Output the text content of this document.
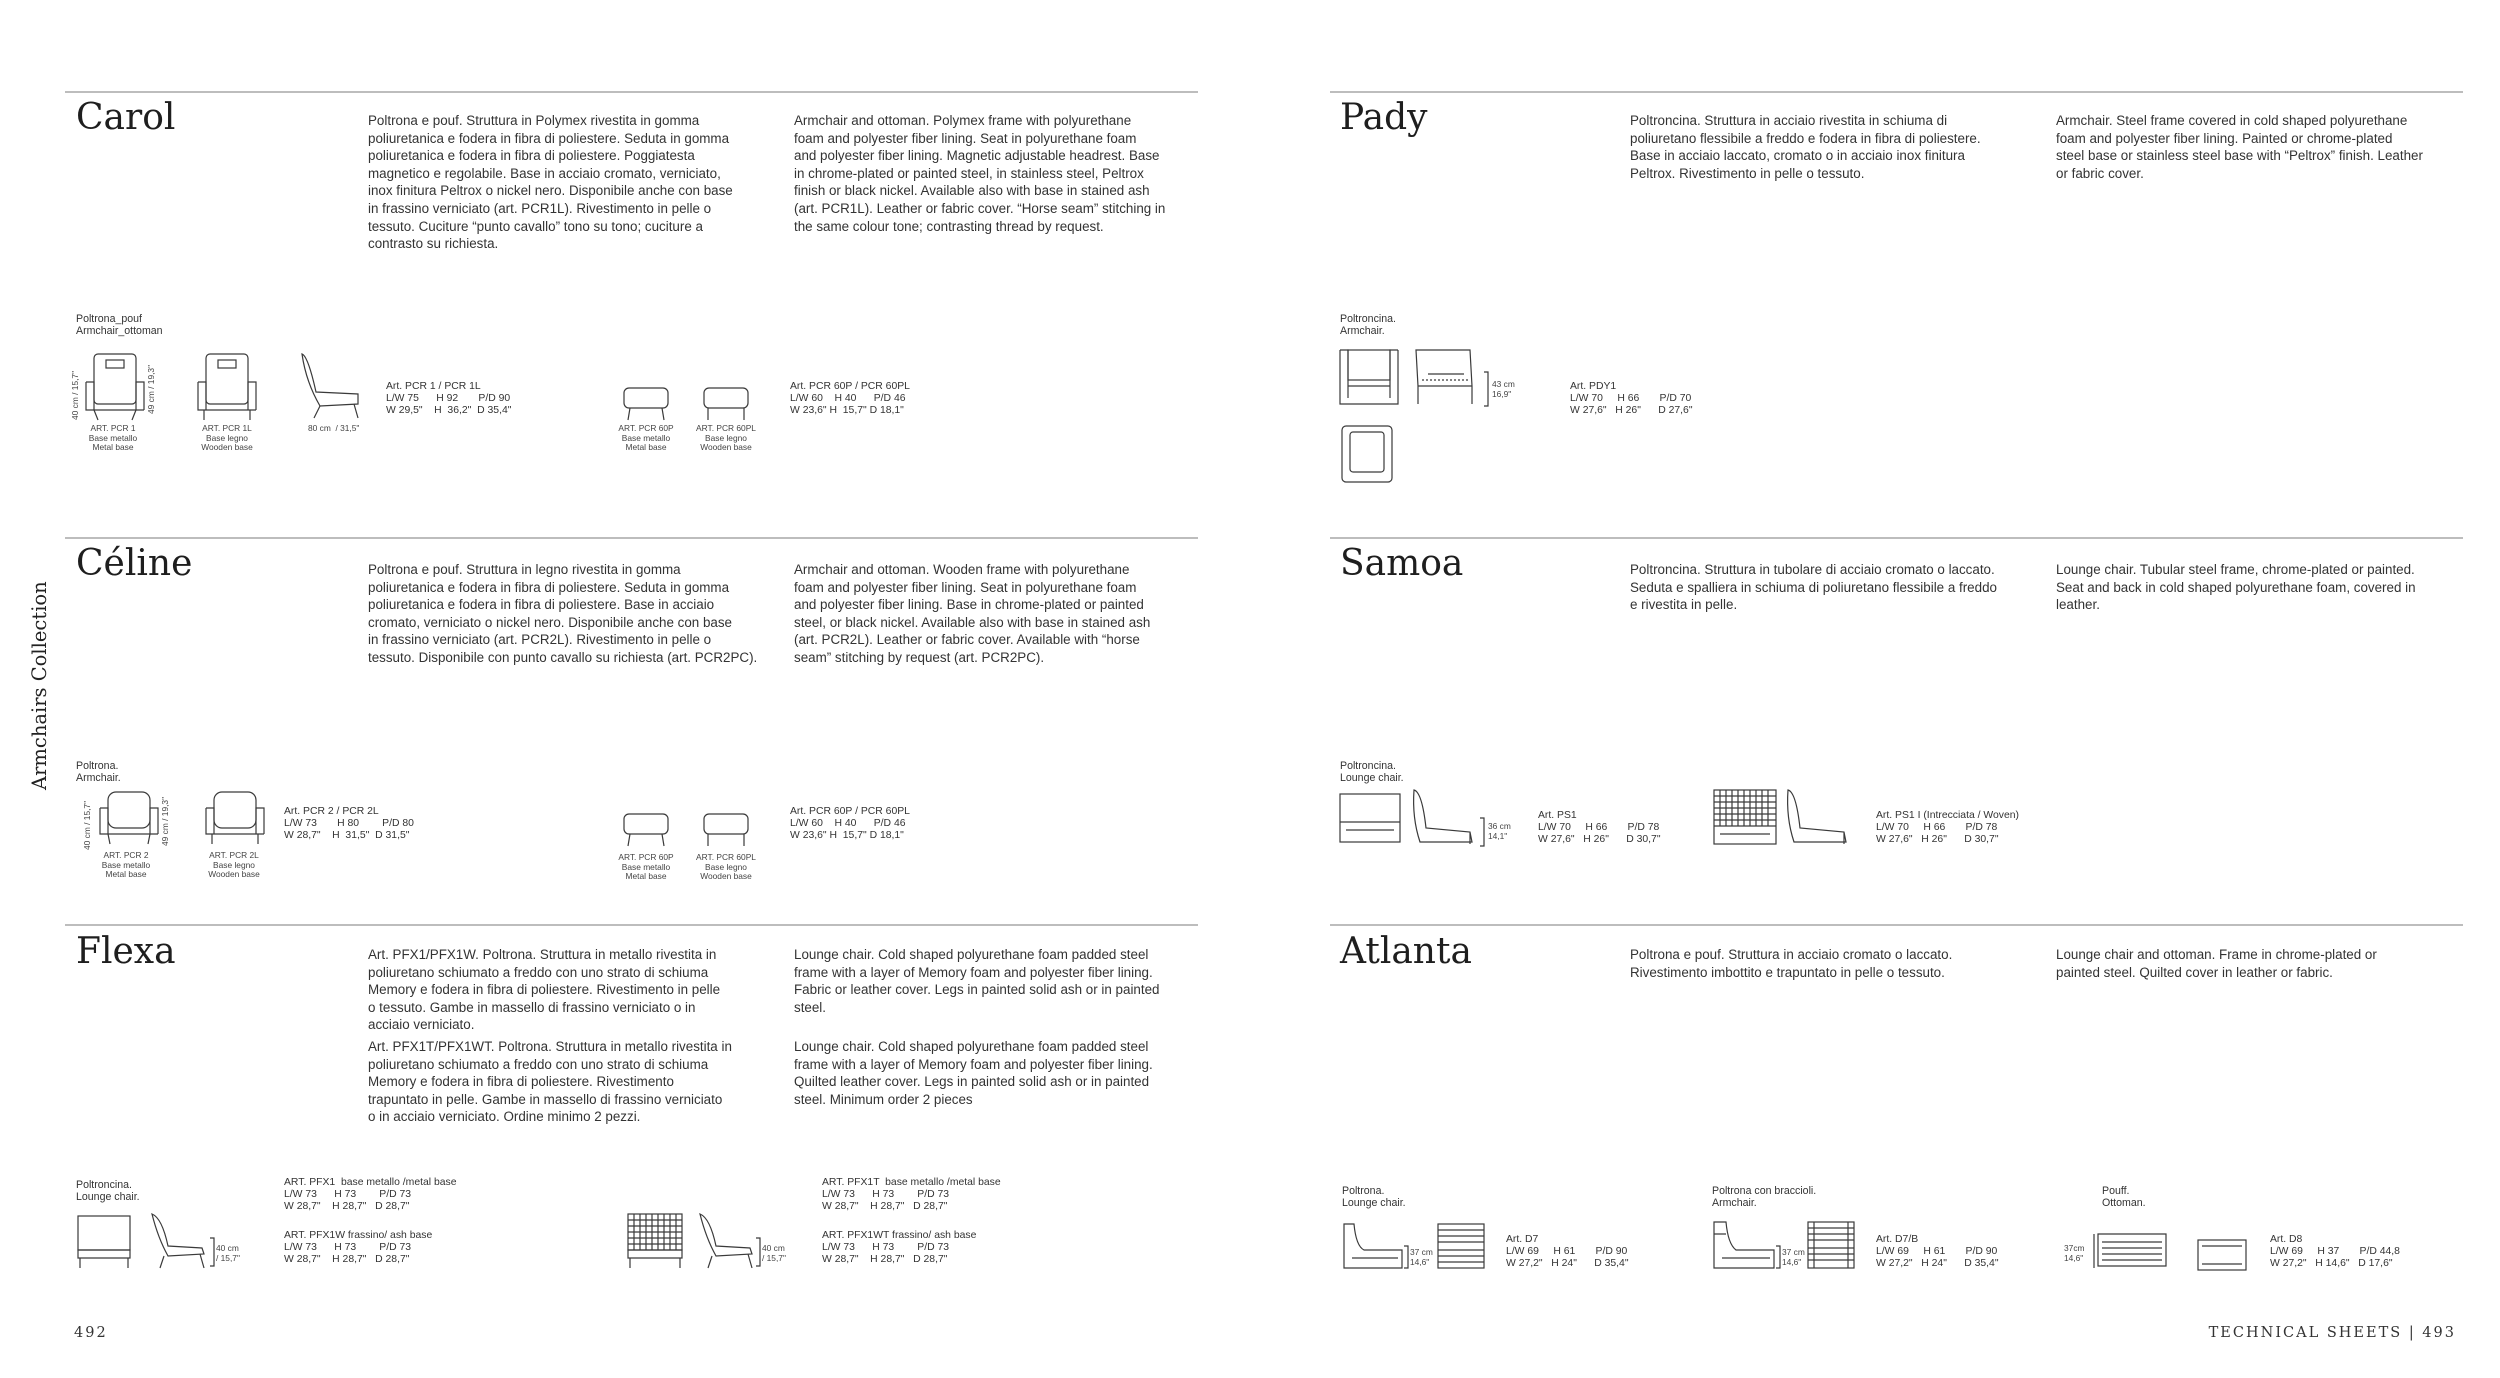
Armchairs Collection
Carol	Poltrona e pouf. Struttura in Polymex rivestita in gomma
poliuretanica e fodera in fibra di poliestere. Seduta in gomma
poliuretanica e fodera in fibra di poliestere. Poggiatesta
magnetico e regolabile. Base in acciaio cromato, verniciato,
inox finitura Peltrox o nickel nero. Disponibile anche con base
in frassino verniciato (art. PCR1L). Rivestimento in pelle o
tessuto. Cuciture “punto cavallo” tono su tono; cuciture a
contrasto su richiesta.
Armchair and ottoman. Polymex frame with polyurethane
foam and polyester fiber lining. Seat in polyurethane foam
and polyester fiber lining. Magnetic adjustable headrest. Base
in chrome-plated or painted steel, in stainless steel, Peltrox
finish or black nickel. Available also with base in stained ash
(art. PCR1L). Leather or fabric cover. “Horse seam” stitching in
the same colour tone; contrasting thread by request.
Poltrona_pouf
Armchair_ottoman
40 cm / 15,7"	49 cm / 19,3"
ART. PCR 1
Base metallo
Metal base
ART. PCR 1L
Base legno
Wooden base
80 cm  / 31,5"
Art. PCR 1 / PCR 1L
L/W 75      H 92       P/D 90
W 29,5"    H  36,2"  D 35,4"
ART. PCR 60P
Base metallo
Metal base
ART. PCR 60PL
Base legno
Wooden base
Art. PCR 60P / PCR 60PL
L/W 60    H 40      P/D 46
W 23,6" H  15,7" D 18,1"
Céline	Poltrona e pouf. Struttura in legno rivestita in gomma
poliuretanica e fodera in fibra di poliestere. Seduta in gomma
poliuretanica e fodera in fibra di poliestere. Base in acciaio
cromato, verniciato o nickel nero. Disponibile anche con base
in frassino verniciato (art. PCR2L). Rivestimento in pelle o
tessuto. Disponibile con punto cavallo su richiesta (art. PCR2PC).
Armchair and ottoman. Wooden frame with polyurethane
foam and polyester fiber lining. Seat in polyurethane foam
and polyester fiber lining. Base in chrome-plated or painted
steel, or black nickel. Available also with base in stained ash
(art. PCR2L). Leather or fabric cover. Available with “horse
seam” stitching by request (art. PCR2PC).
Poltrona.
Armchair.
40 cm / 15,7"	49 cm / 19,3"
ART. PCR 2
Base metallo
Metal base
ART. PCR 2L
Base legno
Wooden base
Art. PCR 2 / PCR 2L
L/W 73       H 80        P/D 80
W 28,7"    H  31,5"  D 31,5"
ART. PCR 60P
Base metallo
Metal base
ART. PCR 60PL
Base legno
Wooden base
Art. PCR 60P / PCR 60PL
L/W 60    H 40      P/D 46
W 23,6" H  15,7" D 18,1"
Flexa	Art. PFX1/PFX1W. Poltrona. Struttura in metallo rivestita in
poliuretano schiumato a freddo con uno strato di schiuma
Memory e fodera in fibra di poliestere. Rivestimento in pelle
o tessuto. Gambe in massello di frassino verniciato o in
acciaio verniciato.
Art. PFX1T/PFX1WT. Poltrona. Struttura in metallo rivestita in
poliuretano schiumato a freddo con uno strato di schiuma
Memory e fodera in fibra di poliestere. Rivestimento
trapuntato in pelle. Gambe in massello di frassino verniciato
o in acciaio verniciato. Ordine minimo 2 pezzi.
Lounge chair. Cold shaped polyurethane foam padded steel
frame with a layer of Memory foam and polyester fiber lining.
Fabric or leather cover. Legs in painted solid ash or in painted
steel.
Lounge chair. Cold shaped polyurethane foam padded steel
frame with a layer of Memory foam and polyester fiber lining.
Quilted leather cover. Legs in painted solid ash or in painted
steel. Minimum order 2 pieces
Poltroncina.
Lounge chair.
40 cm
/ 15,7"
ART. PFX1  base metallo /metal base
L/W 73      H 73        P/D 73
W 28,7"    H 28,7"   D 28,7"
ART. PFX1W frassino/ ash base
L/W 73      H 73        P/D 73
W 28,7"    H 28,7"   D 28,7"
40 cm
/ 15,7"
ART. PFX1T  base metallo /metal base
L/W 73      H 73        P/D 73
W 28,7"    H 28,7"   D 28,7"
ART. PFX1WT frassino/ ash base
L/W 73      H 73        P/D 73
W 28,7"    H 28,7"   D 28,7"
Pady	Poltroncina. Struttura in acciaio rivestita in schiuma di
poliuretano flessibile a freddo e fodera in fibra di poliestere.
Base in acciaio laccato, cromato o in acciaio inox finitura
Peltrox. Rivestimento in pelle o tessuto.
Armchair. Steel frame covered in cold shaped polyurethane
foam and polyester fiber lining. Painted or chrome-plated
steel base or stainless steel base with “Peltrox” finish. Leather
or fabric cover.
Poltroncina.
Armchair.
43 cm
16,9"
Art. PDY1
L/W 70     H 66       P/D 70
W 27,6"   H 26"      D 27,6"
Samoa	Poltroncina. Struttura in tubolare di acciaio cromato o laccato.
Seduta e spalliera in schiuma di poliuretano flessibile a freddo
e rivestita in pelle.
Lounge chair. Tubular steel frame, chrome-plated or painted.
Seat and back in cold shaped polyurethane foam, covered in
leather.
Poltroncina.
Lounge chair.
36 cm
14,1"
Art. PS1
L/W 70     H 66       P/D 78
W 27,6"   H 26"      D 30,7"
Art. PS1 I (Intrecciata / Woven)
L/W 70     H 66       P/D 78
W 27,6"   H 26"      D 30,7"
Atlanta	Poltrona e pouf. Struttura in acciaio cromato o laccato.
Rivestimento imbottito e trapuntato in pelle o tessuto.
Lounge chair and ottoman. Frame in chrome-plated or
painted steel. Quilted cover in leather or fabric.
Poltrona.
Lounge chair.
37 cm
14,6"
Art. D7
L/W 69     H 61       P/D 90
W 27,2"   H 24"      D 35,4"
Poltrona con braccioli.
Armchair.
37 cm
14,6"
Art. D7/B
L/W 69     H 61       P/D 90
W 27,2"   H 24"      D 35,4"
Pouff.
Ottoman.
37cm
14,6"
Art. D8
L/W 69     H 37       P/D 44,8
W 27,2"   H 14,6"   D 17,6"
492	TECHNICAL SHEETS | 493
